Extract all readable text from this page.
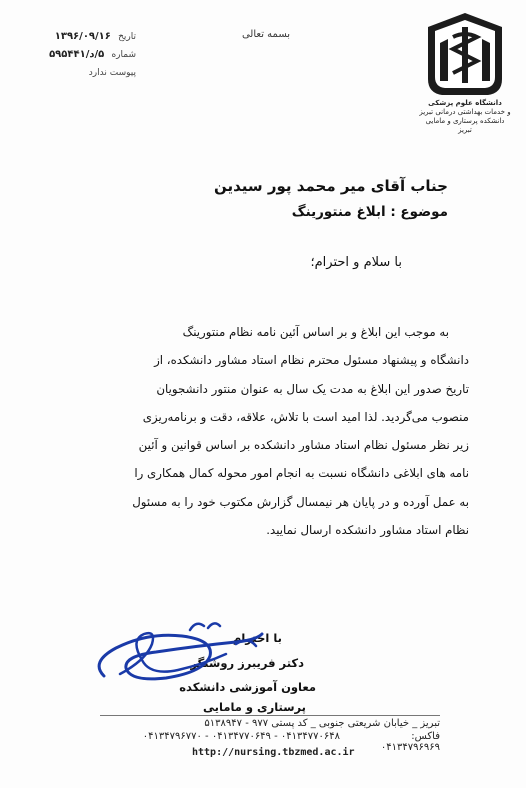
تاریخ ۱۳۹۶/۰۹/۱۶
شماره ۵/د/۵۹۵۴۴۱
پیوست ندارد
بسمه تعالی
دانشگاه علوم پزشکی
و خدمات بهداشتی درمانی تبریز
دانشکده پرستاری و مامایی تبریز
جناب آقای میر محمد پور سیدین
موضوع : ابلاغ منتورینگ
با سلام و احترام؛

به موجب این ابلاغ و بر اساس آئین نامه نظام منتورینگ

دانشگاه و پیشنهاد مسئول محترم نظام استاد مشاور دانشکده، از

تاریخ صدور این ابلاغ به مدت یک سال به عنوان منتور دانشجویان

منصوب می‌گردید. لذا امید است با تلاش، علاقه، دقت و برنامه‌ریزی

زیر نظر مسئول نظام استاد مشاور دانشکده بر اساس قوانین و آئین

نامه های ابلاغی دانشگاه نسبت به انجام امور محوله کمال همکاری را

به عمل آورده و در پایان هر نیمسال گزارش مکتوب خود را به مسئول

نظام استاد مشاور دانشکده ارسال نمایید.

با احترام
دکتر فریبرز روشنگر
معاون آموزشی دانشکده
پرستاری و مامایی
تبریز _ خیابان شریعتی جنوبی _ کد پستی ۹۷۷ - ۵۱۳۸۹۴۷
فاکس: ۰۴۱۳۴۷۹۶۹۶۹
۰۴۱۳۴۷۷۰۶۴۸ - ۰۴۱۳۴۷۷۰۶۴۹ - ۰۴۱۳۴۷۹۶۷۷۰
http://nursing.tbzmed.ac.ir
